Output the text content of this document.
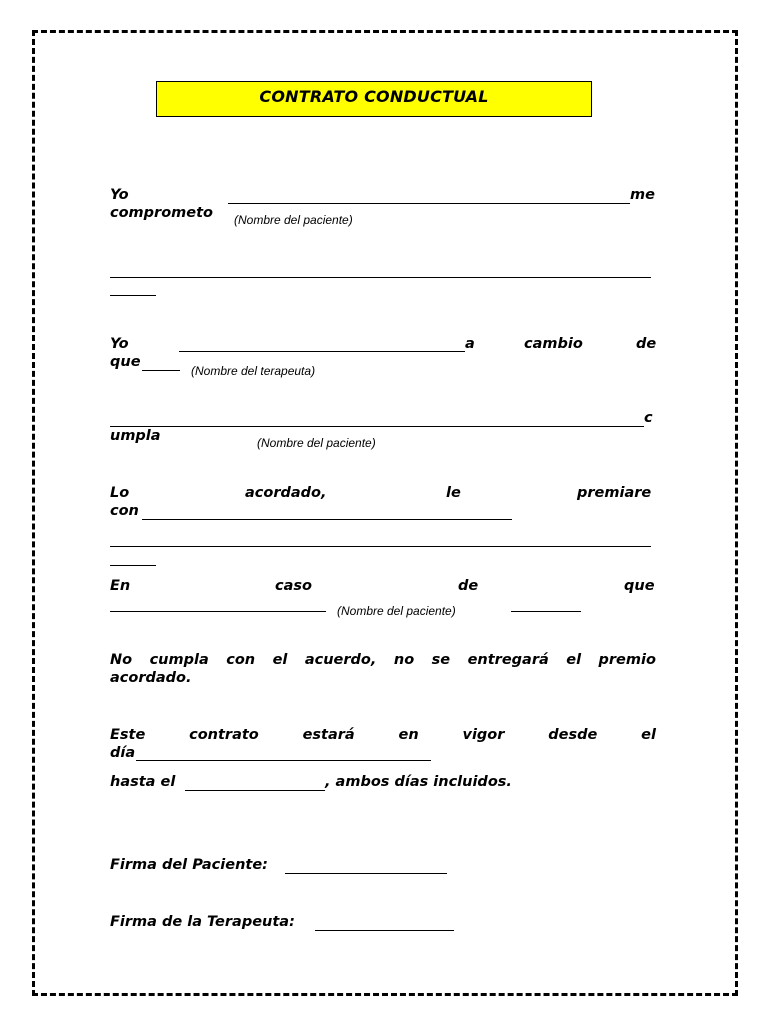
CONTRATO CONDUCTUAL
Yo	me
comprometo (Nombre del paciente)
Yo	a	cambio	de
que
(Nombre del terapeuta)
c
umpla	(Nombre del paciente)
Lo	acordado,	le	premiare
con
En	caso	de	que
(Nombre del paciente)
No cumpla con el acuerdo, no se entregará el premio
acordado.
Este	contrato	estará	en	vigor	desde	el
día
hasta el	, ambos días incluidos.
Firma del Paciente:
Firma de la Terapeuta:
